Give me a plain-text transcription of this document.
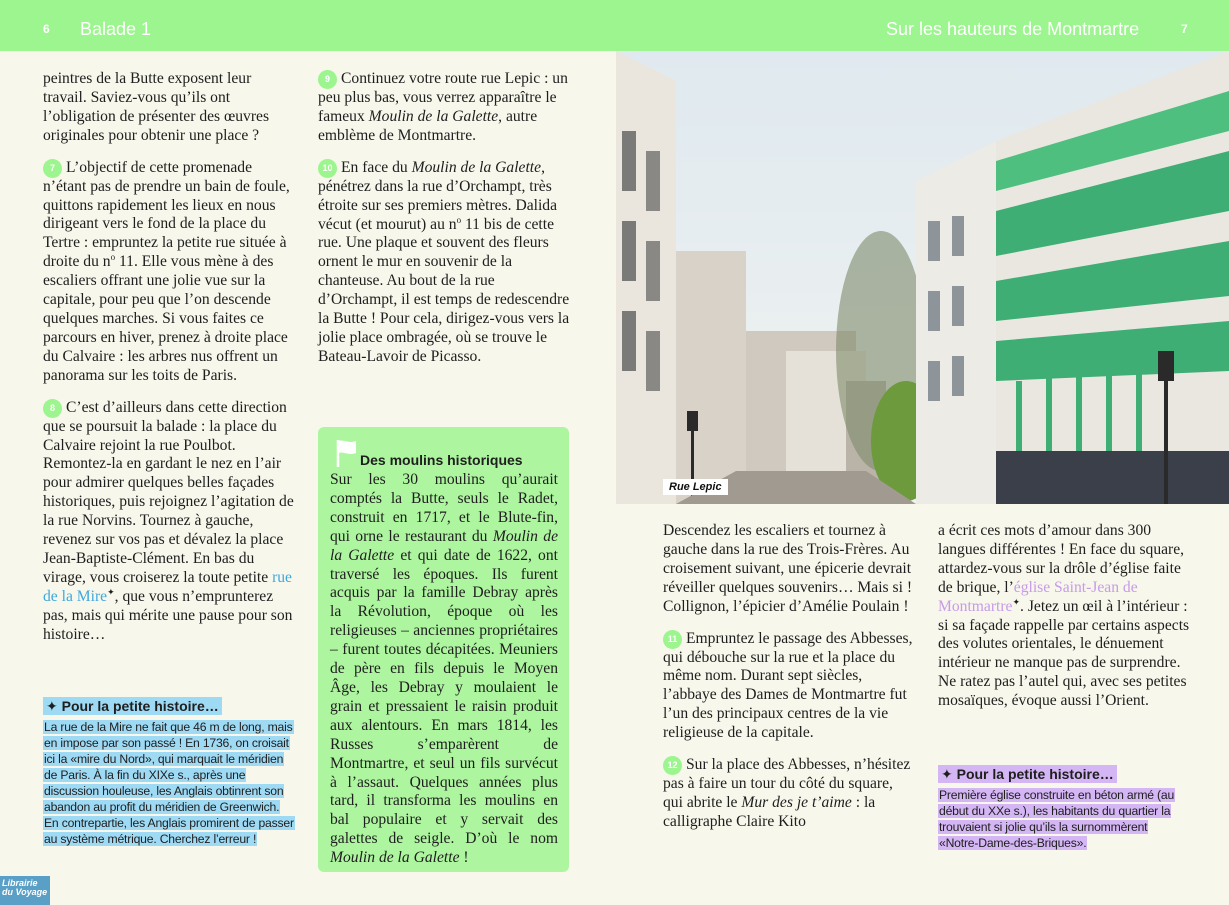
6 Balade 1	Sur les hauteurs de Montmartre	7

peintres de la Butte exposent leur travail. Saviez-vous qu’ils ont l’obligation de présenter des œuvres originales pour obtenir une place ?

7 L’objectif de cette promenade n’étant pas de prendre un bain de foule, quittons rapidement les lieux en nous dirigeant vers le fond de la place du Tertre : empruntez la petite rue située à droite du $n^o$ 11. Elle vous mène à des escaliers offrant une jolie vue sur la capitale, pour peu que l’on descende quelques marches. Si vous faites ce parcours en hiver, prenez à droite place du Calvaire : les arbres nus offrent un panorama sur les toits de Paris.

8 C’est d’ailleurs dans cette direction que se poursuit la balade : la place du Calvaire rejoint la rue Poulbot. Remontez-la en gardant le nez en l’air pour admirer quelques belles façades historiques, puis rejoignez l’agitation de la rue Norvins. Tournez à gauche, revenez sur vos pas et dévalez la place Jean-Baptiste-Clément. En bas du virage, vous croiserez la toute petite rue de la Mire✦, que vous n’emprunterez pas, mais qui mérite une pause pour son histoire…

✦ Pour la petite histoire…
La rue de la Mire ne fait que 46 m de long, mais en impose par son passé ! En 1736, on croisait ici la «mire du Nord», qui marquait le méridien de Paris. À la fin du XIXe s., après une discussion houleuse, les Anglais obtinrent son abandon au profit du méridien de Greenwich. En contrepartie, les Anglais promirent de passer au système métrique. Cherchez l’erreur !

9 Continuez votre route rue Lepic : un peu plus bas, vous verrez apparaître le fameux Moulin de la Galette, autre emblème de Montmartre.

10 En face du Moulin de la Galette, pénétrez dans la rue d’Orchampt, très étroite sur ses premiers mètres. Dalida vécut (et mourut) au $n^o$ 11 bis de cette rue. Une plaque et souvent des fleurs ornent le mur en souvenir de la chanteuse. Au bout de la rue d’Orchampt, il est temps de redescendre la Butte ! Pour cela, dirigez-vous vers la jolie place ombragée, où se trouve le Bateau-Lavoir de Picasso.

Des moulins historiques
Sur les 30 moulins qu’aurait comptés la Butte, seuls le Radet, construit en 1717, et le Blute-fin, qui orne le restaurant du Moulin de la Galette et qui date de 1622, ont traversé les époques. Ils furent acquis par la famille Debray après la Révolution, époque où les religieuses – anciennes propriétaires – furent toutes décapitées. Meuniers de père en fils depuis le Moyen Âge, les Debray y moulaient le grain et pressaient le raisin produit aux alentours. En mars 1814, les Russes s’emparèrent de Montmartre, et seul un fils survécut à l’assaut. Quelques années plus tard, il transforma les moulins en bal populaire et y servait des galettes de seigle. D’où le nom Moulin de la Galette !
Rue Lepic

Descendez les escaliers et tournez à gauche dans la rue des Trois-Frères. Au croisement suivant, une épicerie devrait réveiller quelques souvenirs… Mais si ! Collignon, l’épicier d’Amélie Poulain !

11 Empruntez le passage des Abbesses, qui débouche sur la rue et la place du même nom. Durant sept siècles, l’abbaye des Dames de Montmartre fut l’un des principaux centres de la vie religieuse de la capitale.

12 Sur la place des Abbesses, n’hésitez pas à faire un tour du côté du square, qui abrite le Mur des je t’aime : la calligraphe Claire Kito

a écrit ces mots d’amour dans 300 langues différentes ! En face du square, attardez-vous sur la drôle d’église faite de brique, l’église Saint-Jean de Montmartre✦. Jetez un œil à l’intérieur : si sa façade rappelle par certains aspects des volutes orientales, le dénuement intérieur ne manque pas de surprendre. Ne ratez pas l’autel qui, avec ses petites mosaïques, évoque aussi l’Orient.

✦ Pour la petite histoire…
Première église construite en béton armé (au début du XXe s.), les habitants du quartier la trouvaient si jolie qu’ils la surnommèrent «Notre-Dame-des-Briques».
Librairie
du Voyage
